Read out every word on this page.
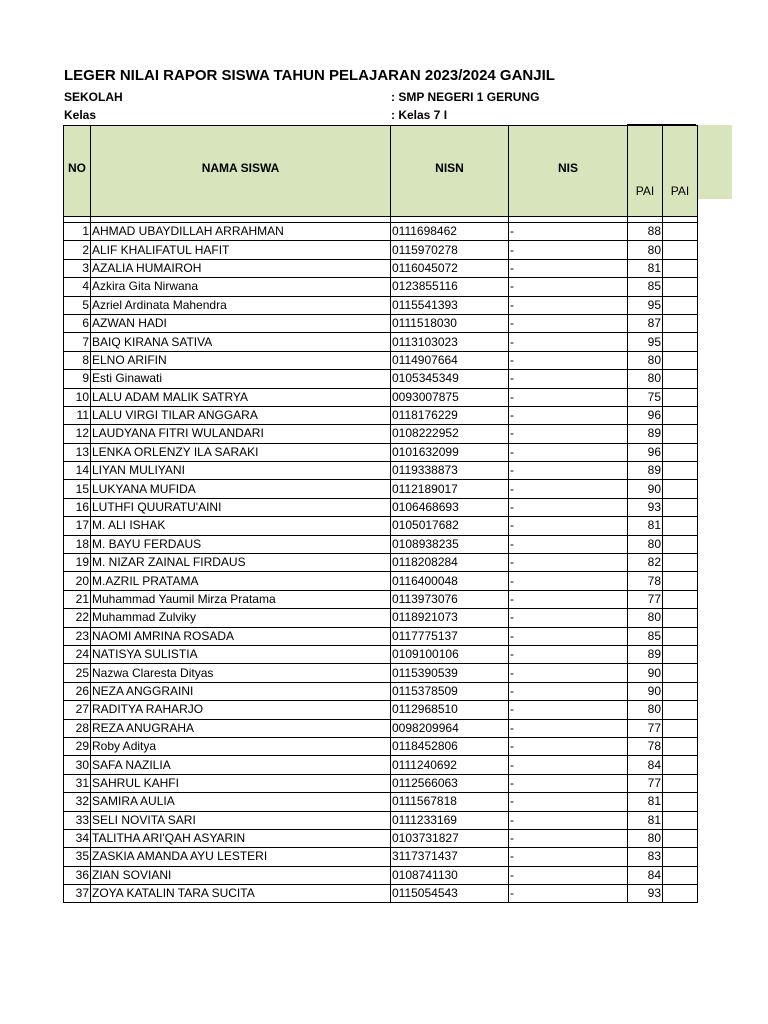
LEGER NILAI RAPOR SISWA TAHUN PELAJARAN 2023/2024 GANJIL
SEKOLAH	: SMP NEGERI 1 GERUNG
Kelas	: Kelas 7 I
NO	NAMA SISWA	NISN	NIS	PAI	PAI

1	AHMAD UBAYDILLAH ARRAHMAN	0111698462	-	88	
2	ALIF KHALIFATUL HAFIT	0115970278	-	80	
3	AZALIA HUMAIROH	0116045072	-	81	
4	Azkira Gita Nirwana	0123855116	-	85	
5	Azriel Ardinata Mahendra	0115541393	-	95	
6	AZWAN HADI	0111518030	-	87	
7	BAIQ KIRANA SATIVA	0113103023	-	95	
8	ELNO ARIFIN	0114907664	-	80	
9	Esti Ginawati	0105345349	-	80	
10	LALU ADAM MALIK SATRYA	0093007875	-	75	
11	LALU VIRGI TILAR ANGGARA	0118176229	-	96	
12	LAUDYANA FITRI WULANDARI	0108222952	-	89	
13	LENKA ORLENZY ILA SARAKI	0101632099	-	96	
14	LIYAN MULIYANI	0119338873	-	89	
15	LUKYANA MUFIDA	0112189017	-	90	
16	LUTHFI QUURATU'AINI	0106468693	-	93	
17	M. ALI ISHAK	0105017682	-	81	
18	M. BAYU FERDAUS	0108938235	-	80	
19	M. NIZAR ZAINAL FIRDAUS	0118208284	-	82	
20	M.AZRIL PRATAMA	0116400048	-	78	
21	Muhammad Yaumil Mirza Pratama	0113973076	-	77	
22	Muhammad Zulviky	0118921073	-	80	
23	NAOMI AMRINA ROSADA	0117775137	-	85	
24	NATISYA SULISTIA	0109100106	-	89	
25	Nazwa Claresta Dityas	0115390539	-	90	
26	NEZA ANGGRAINI	0115378509	-	90	
27	RADITYA RAHARJO	0112968510	-	80	
28	REZA ANUGRAHA	0098209964	-	77	
29	Roby Aditya	0118452806	-	78	
30	SAFA NAZILIA	0111240692	-	84	
31	SAHRUL KAHFI	0112566063	-	77	
32	SAMIRA AULIA	0111567818	-	81	
33	SELI NOVITA SARI	0111233169	-	81	
34	TALITHA ARI'QAH ASYARIN	0103731827	-	80	
35	ZASKIA AMANDA AYU LESTERI	3117371437	-	83	
36	ZIAN SOVIANI	0108741130	-	84	
37	ZOYA KATALIN TARA SUCITA	0115054543	-	93	
